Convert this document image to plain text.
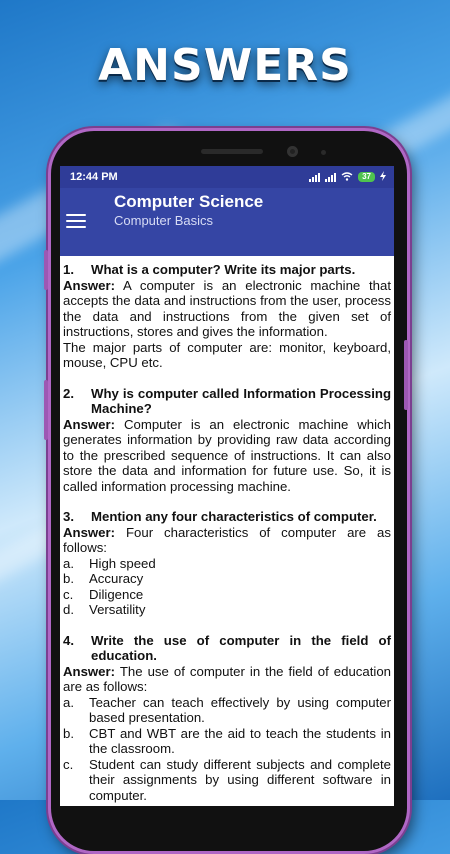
ANSWERS
12:44 PM	37
Computer Science
Computer Basics
1.	What is a computer? Write its major parts.
Answer: A computer is an electronic machine that accepts the data and instructions from the user, process the data and instructions from the given set of instructions, stores and gives the information.
The major parts of computer are: monitor, keyboard, mouse, CPU etc.
2.	Why is computer called Information Processing Machine?
Answer: Computer is an electronic machine which generates information by providing raw data according to the prescribed sequence of instructions. It can also store the data and information for future use. So, it is called information processing machine.
3.	Mention any four characteristics of computer.
Answer: Four characteristics of computer are as follows:
a.	High speed
b.	Accuracy
c.	Diligence
d.	Versatility
4.	Write the use of computer in the field of education.
Answer: The use of computer in the field of education are as follows:
a.	Teacher can teach effectively by using computer based presentation.
b.	CBT and WBT are the aid to teach the students in the classroom.
c.	Student can study different subjects and complete their assignments by using different software in computer.
